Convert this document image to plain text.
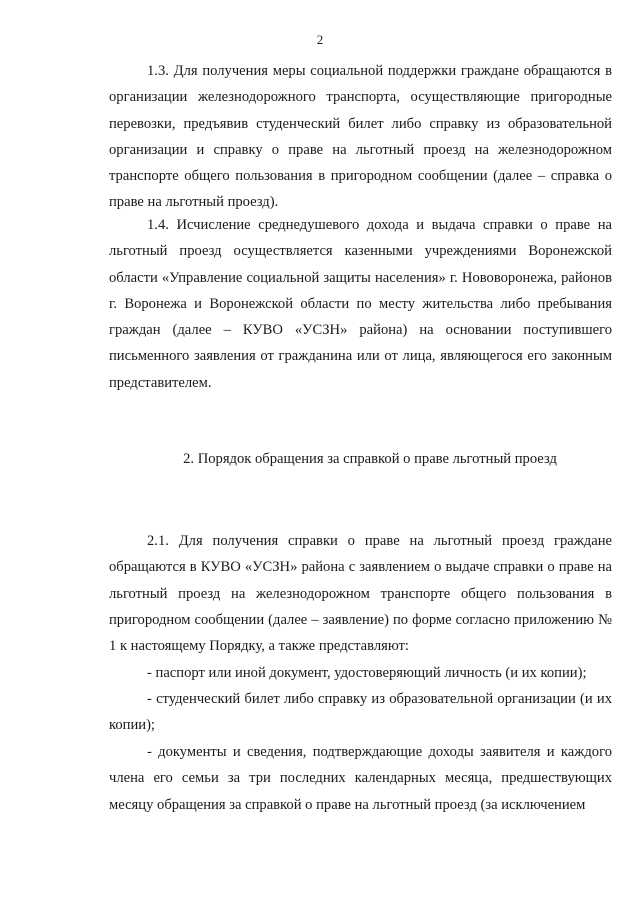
2

1.3. Для получения меры социальной поддержки граждане обращаются в организации железнодорожного транспорта, осуществляющие пригородные перевозки, предъявив студенческий билет либо справку из образовательной организации и справку о праве на льготный проезд на железнодорожном транспорте общего пользования в пригородном сообщении (далее – справка о праве на льготный проезд).

1.4. Исчисление среднедушевого дохода и выдача справки о праве на льготный проезд осуществляется казенными учреждениями Воронежской области «Управление социальной защиты населения» г. Нововоронежа, районов г. Воронежа и Воронежской области по месту жительства либо пребывания граждан (далее – КУВО «УСЗН» района) на основании поступившего письменного заявления от гражданина или от лица, являющегося его законным представителем.

2. Порядок обращения за справкой о праве льготный проезд

2.1. Для получения справки о праве на льготный проезд граждане обращаются в КУВО «УСЗН» района с заявлением о выдаче справки о праве на льготный проезд на железнодорожном транспорте общего пользования в пригородном сообщении (далее – заявление) по форме согласно приложению № 1 к настоящему Порядку, а также представляют:

- паспорт или иной документ, удостоверяющий личность (и их копии);

- студенческий билет либо справку из образовательной организации (и их копии);

- документы и сведения, подтверждающие доходы заявителя и каждого члена его семьи за три последних календарных месяца, предшествующих месяцу обращения за справкой о праве на льготный проезд (за исключением
